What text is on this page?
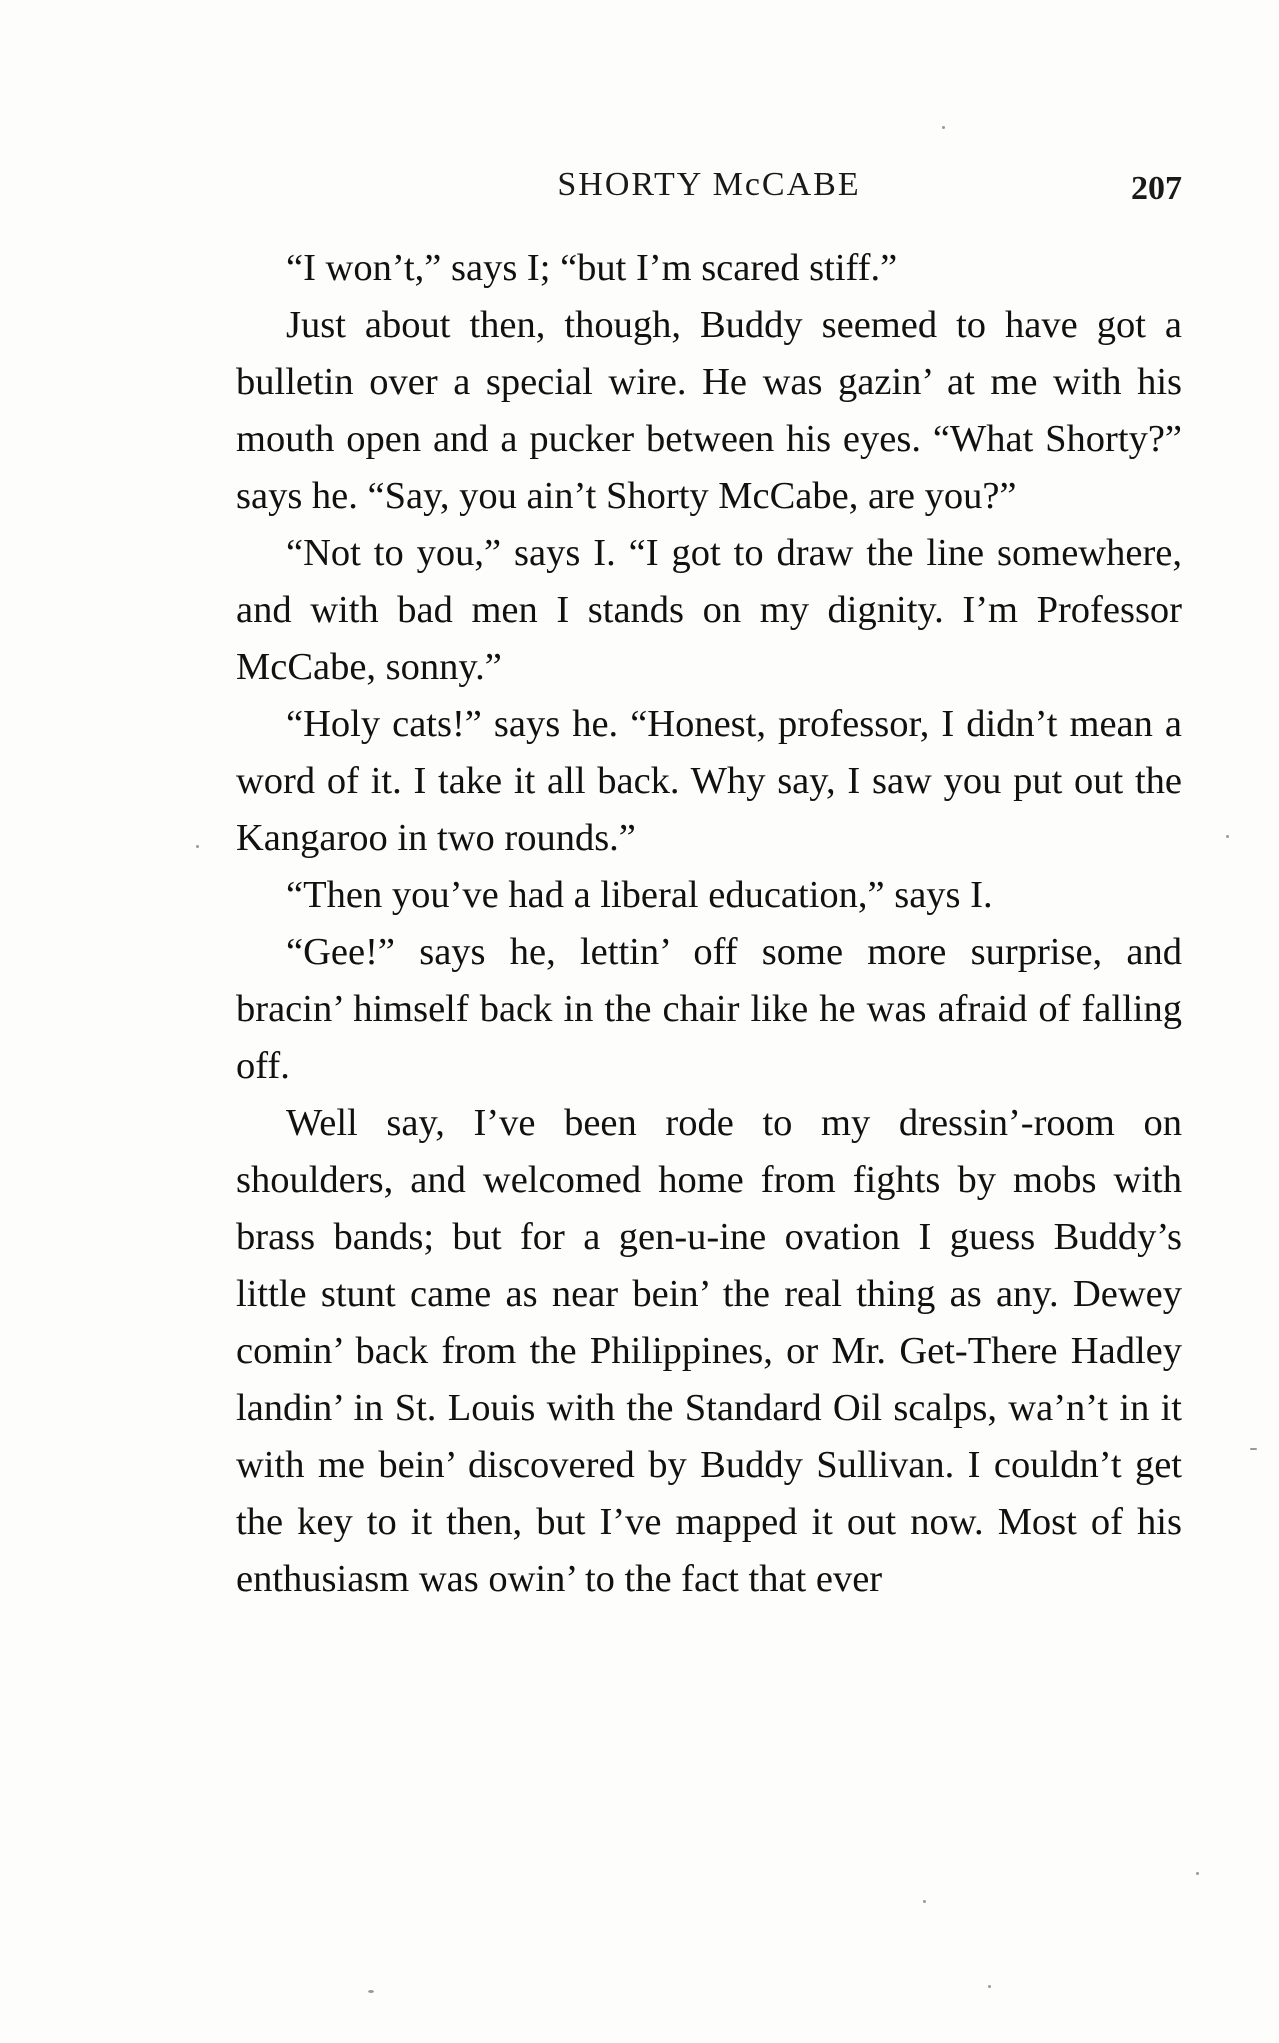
SHORTY McCABE	207

“I won’t,” says I; “but I’m scared stiff.”

Just about then, though, Buddy seemed to have got a bulletin over a special wire. He was gazin’ at me with his mouth open and a pucker between his eyes. “What Shorty?” says he. “Say, you ain’t Shorty McCabe, are you?”

“Not to you,” says I. “I got to draw the line somewhere, and with bad men I stands on my dignity. I’m Professor McCabe, sonny.”

“Holy cats!” says he. “Honest, professor, I didn’t mean a word of it. I take it all back. Why say, I saw you put out the Kangaroo in two rounds.”

“Then you’ve had a liberal education,” says I.

“Gee!” says he, lettin’ off some more surprise, and bracin’ himself back in the chair like he was afraid of falling off.

Well say, I’ve been rode to my dressin’-room on shoulders, and welcomed home from fights by mobs with brass bands; but for a gen-u-ine ovation I guess Buddy’s little stunt came as near bein’ the real thing as any. Dewey comin’ back from the Philippines, or Mr. Get-There Hadley landin’ in St. Louis with the Standard Oil scalps, wa’n’t in it with me bein’ discovered by Buddy Sullivan. I couldn’t get the key to it then, but I’ve mapped it out now. Most of his enthusiasm was owin’ to the fact that ever
